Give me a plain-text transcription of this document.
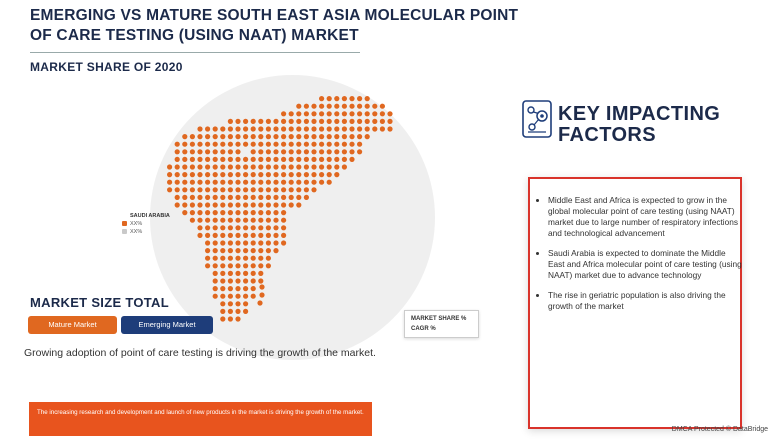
EMERGING VS MATURE SOUTH EAST ASIA MOLECULAR POINT OF CARE TESTING (USING NAAT) MARKET
MARKET SHARE OF 2020
SAUDI ARABIA
XX%
XX%
MARKET SIZE TOTAL
Mature Market	Emerging Market
MARKET SHARE %
CAGR %
Growing adoption of point of care testing is driving the growth of the market.
The increasing research and development and launch of new products in the market is driving the growth of the market.
KEY IMPACTING
FACTORS
• Middle East and Africa is expected to grow in the global molecular point of care testing (using NAAT) market due to large number of respiratory infections and technological advancement
• Saudi Arabia is expected to dominate the Middle East and Africa molecular point of care testing (using NAAT) market due to advance technology
• The rise in geriatric population is also driving the growth of the market
DMCA Protected © DataBridge
